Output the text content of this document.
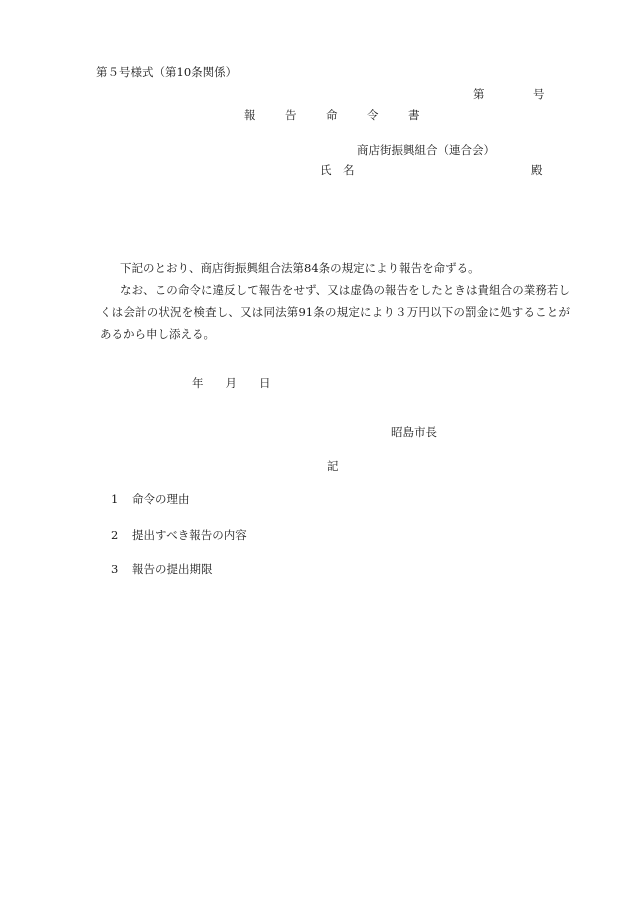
第５号様式（第10条関係）
第	号
報	告	命	令	書
商店街振興組合（連合会）
氏　名	殿
下記のとおり、商店街振興組合法第84条の規定により報告を命ずる。
なお、この命令に違反して報告をせず、又は虚偽の報告をしたときは貴組合の業務若しくは会計の状況を検査し、又は同法第91条の規定により３万円以下の罰金に処することがあるから申し添える。
年 月 日
昭島市長
記
1 命令の理由
2 提出すべき報告の内容
3 報告の提出期限
